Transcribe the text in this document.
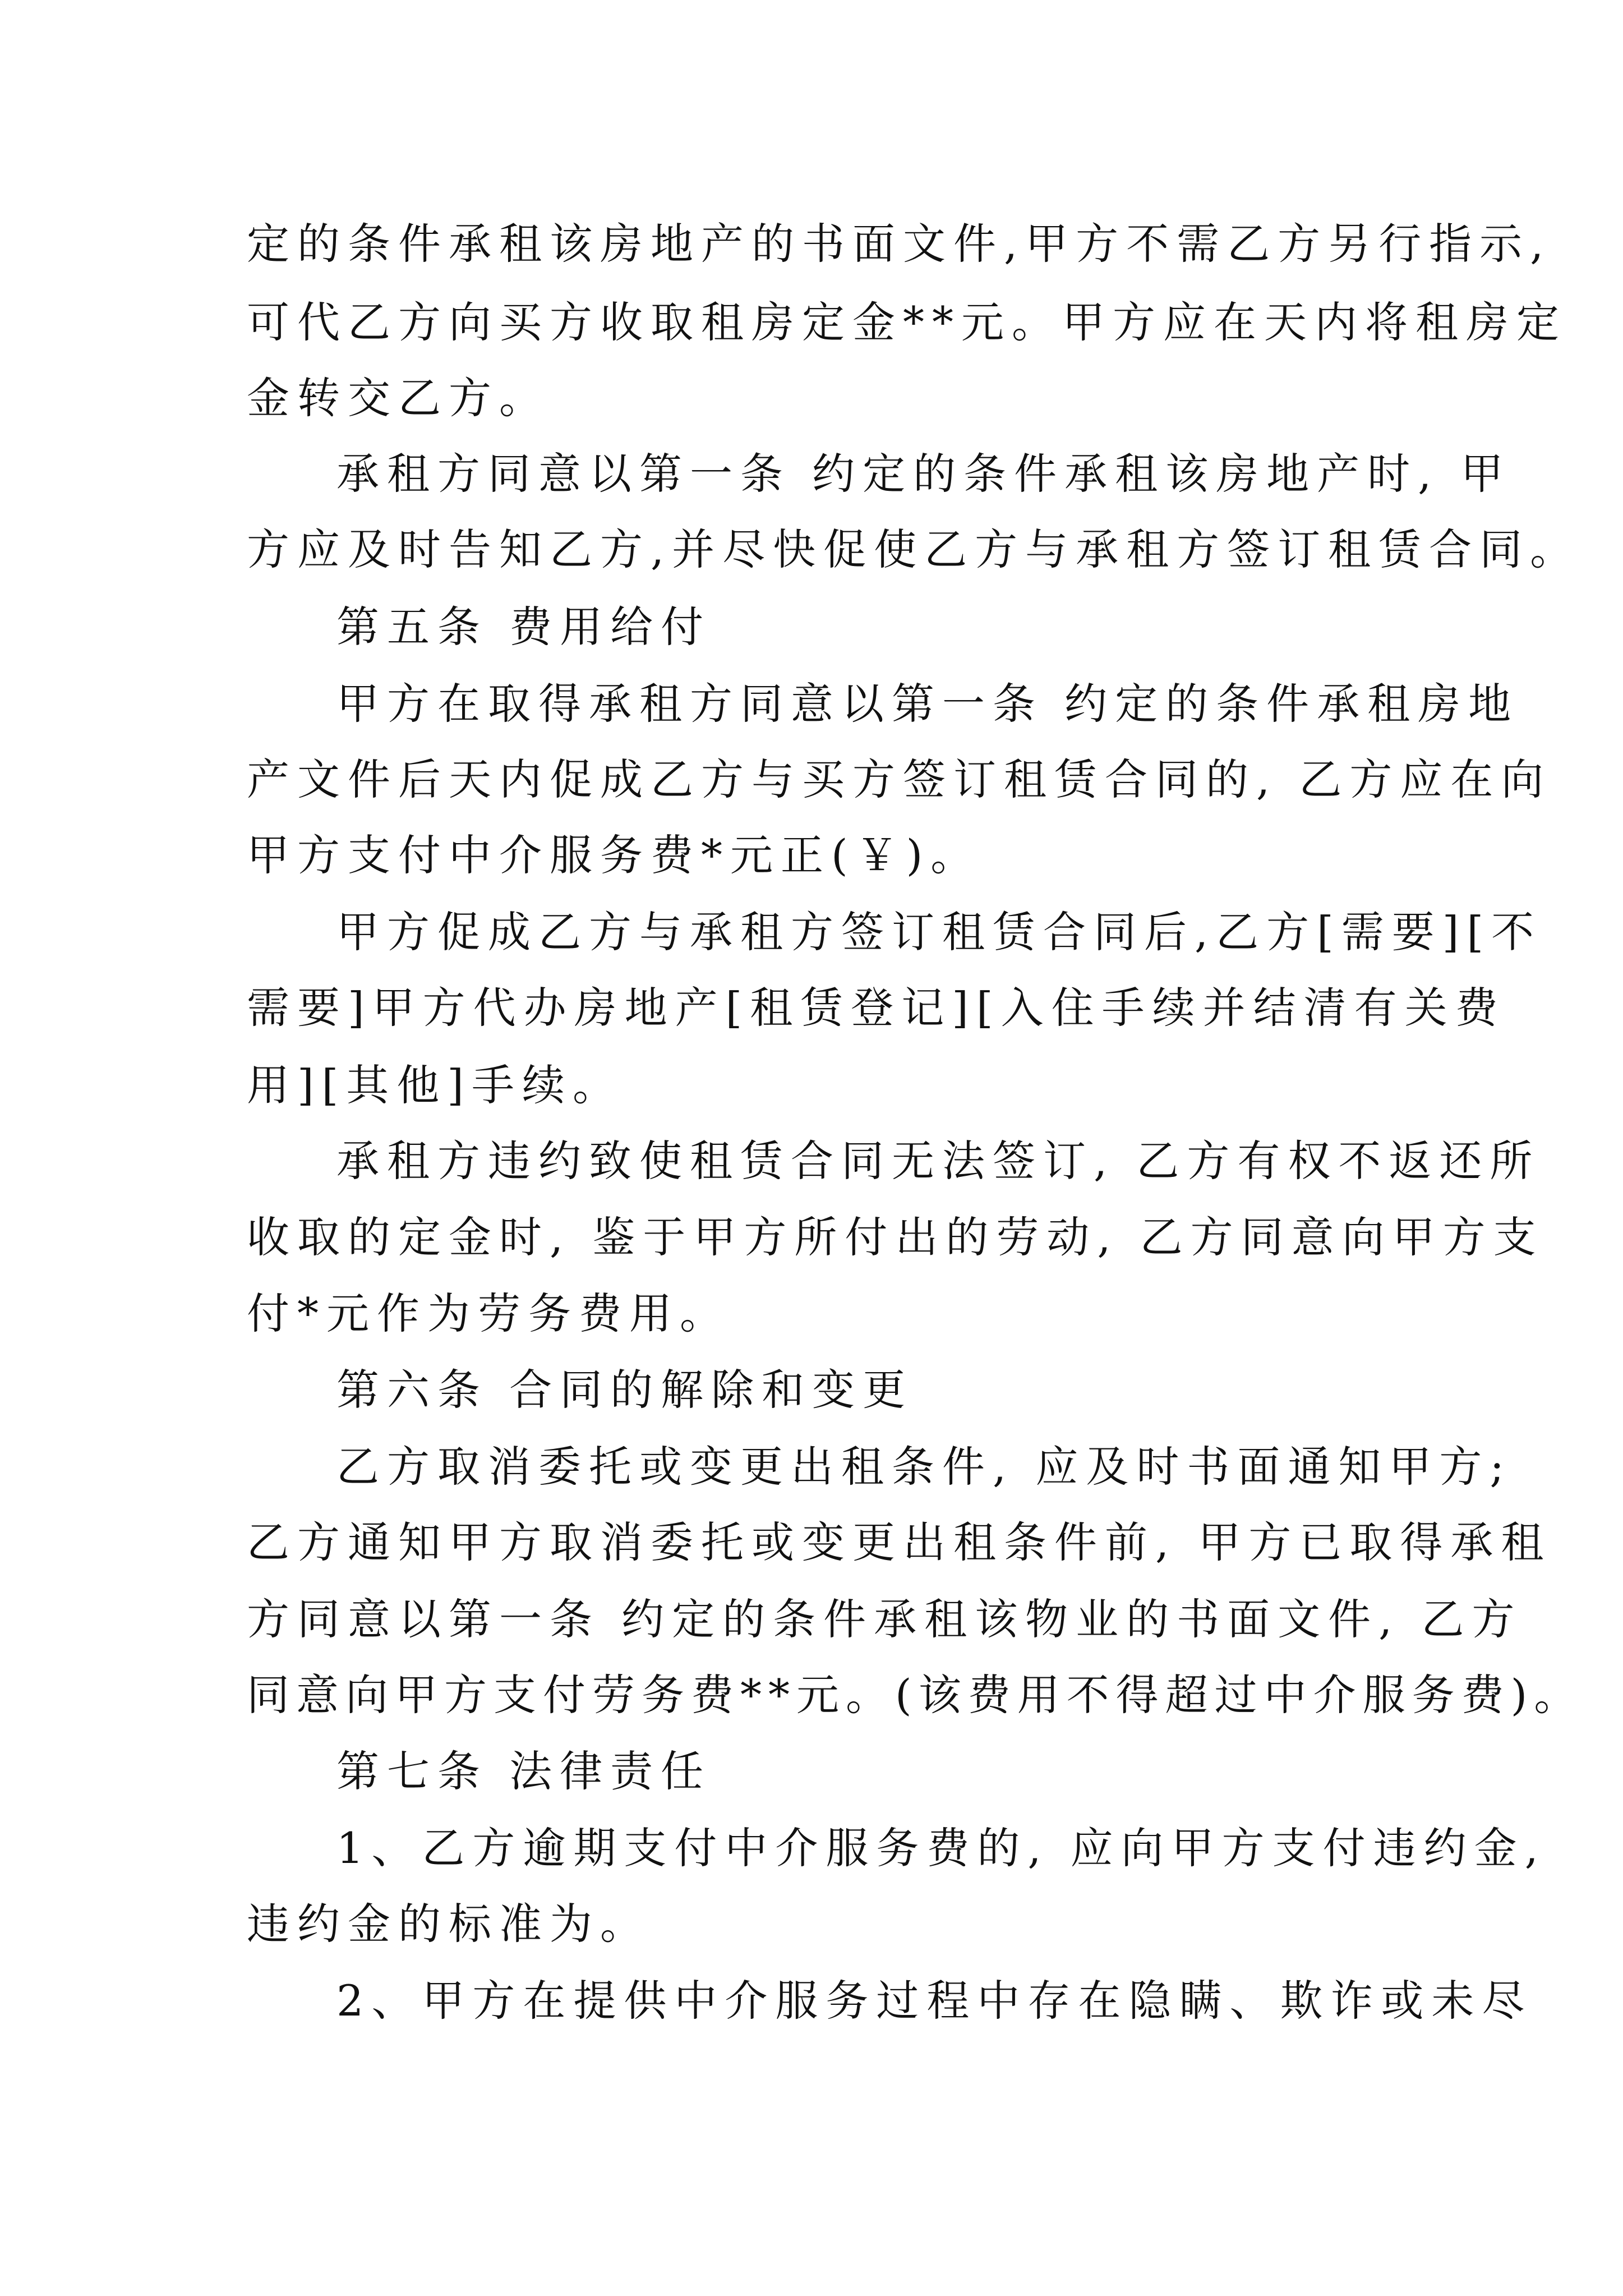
定的条件承租该房地产的书面文件,甲方不需乙方另行指示,
可代乙方向买方收取租房定金**元。甲方应在天内将租房定
金转交乙方。
承租方同意以第一条 约定的条件承租该房地产时, 甲
方应及时告知乙方,并尽快促使乙方与承租方签订租赁合同。
第五条 费用给付
甲方在取得承租方同意以第一条 约定的条件承租房地
产文件后天内促成乙方与买方签订租赁合同的, 乙方应在向
甲方支付中介服务费*元正(￥)。
甲方促成乙方与承租方签订租赁合同后,乙方[需要][不
需要]甲方代办房地产[租赁登记][入住手续并结清有关费
用][其他]手续。
承租方违约致使租赁合同无法签订, 乙方有权不返还所
收取的定金时, 鉴于甲方所付出的劳动, 乙方同意向甲方支
付*元作为劳务费用。
第六条 合同的解除和变更
乙方取消委托或变更出租条件, 应及时书面通知甲方;
乙方通知甲方取消委托或变更出租条件前, 甲方已取得承租
方同意以第一条 约定的条件承租该物业的书面文件, 乙方
同意向甲方支付劳务费**元。(该费用不得超过中介服务费)。
第七条 法律责任
1、乙方逾期支付中介服务费的, 应向甲方支付违约金,
违约金的标准为。
2、甲方在提供中介服务过程中存在隐瞒、欺诈或未尽
